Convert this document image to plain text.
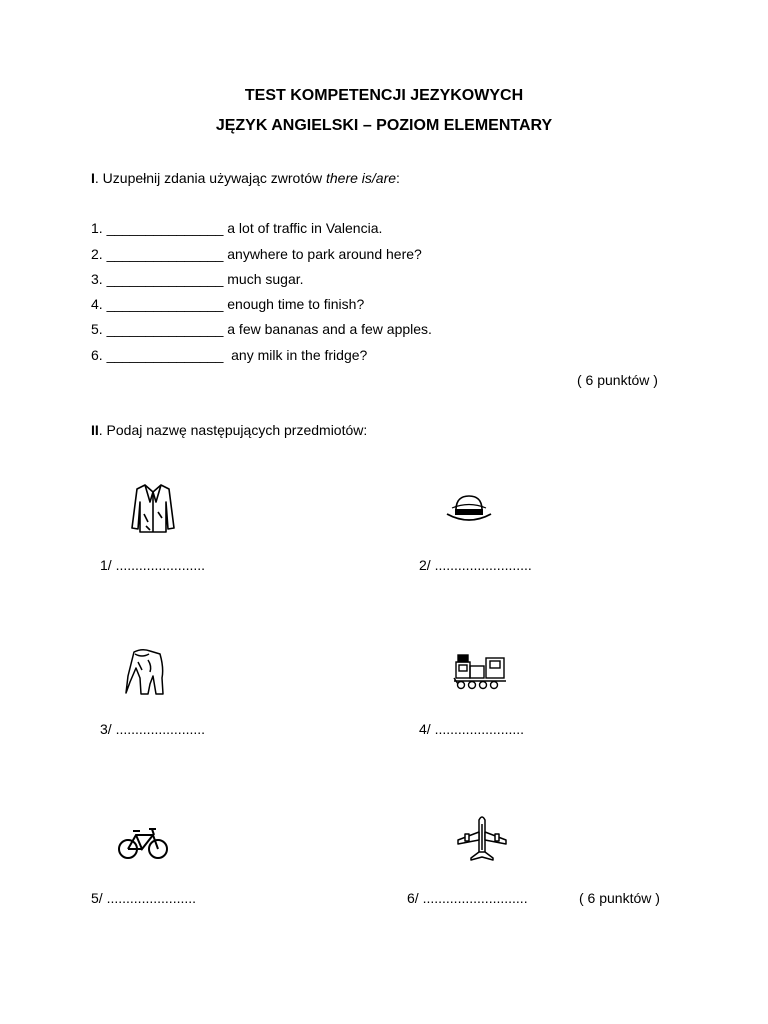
TEST KOMPETENCJI JEZYKOWYCH
JĘZYK ANGIELSKI – POZIOM ELEMENTARY
I. Uzupełnij zdania używając zwrotów there is/are:
1. _______________ a lot of traffic in Valencia.
2. _______________ anywhere to park around here?
3. _______________ much sugar.
4. _______________ enough time to finish?
5. _______________ a few bananas and a few apples.
6. _______________  any milk in the fridge?
( 6 punktów )
II. Podaj nazwę następujących przedmiotów:
1/ .......................	2/ .........................
3/ .......................	4/ .......................
5/ .......................	6/ ...........................	( 6 punktów )
